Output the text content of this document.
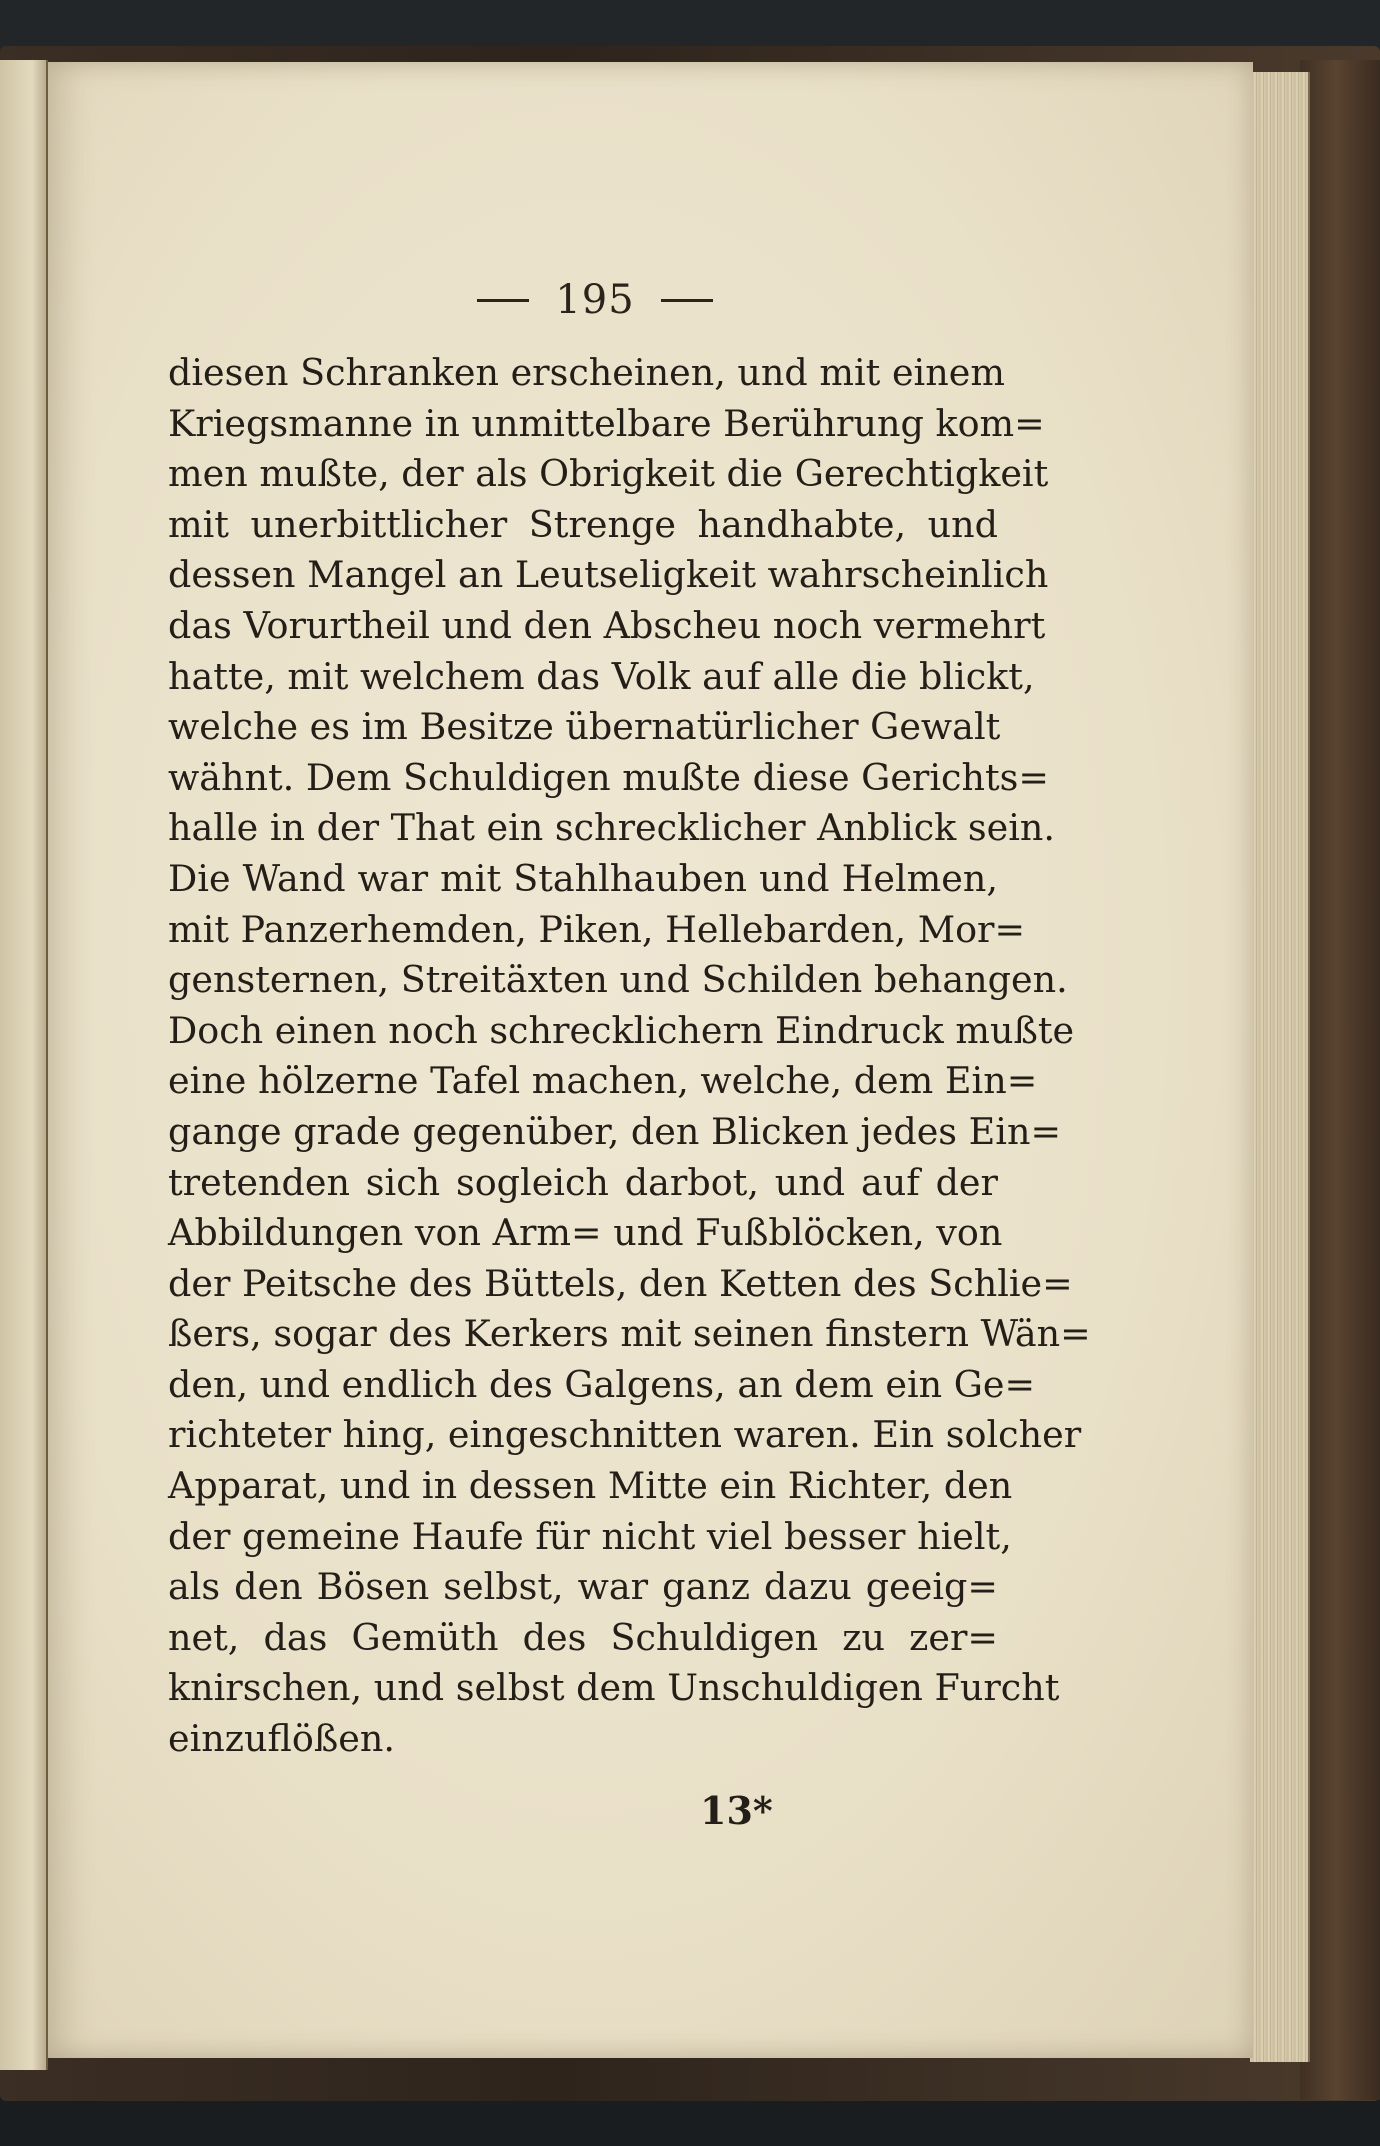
195
diesen Schranken erscheinen, und mit einem
Kriegsmanne in unmittelbare Berührung kom=
men mußte, der als Obrigkeit die Gerechtigkeit
mit unerbittlicher Strenge handhabte, und
dessen Mangel an Leutseligkeit wahrscheinlich
das Vorurtheil und den Abscheu noch vermehrt
hatte, mit welchem das Volk auf alle die blickt,
welche es im Besitze übernatürlicher Gewalt
wähnt. Dem Schuldigen mußte diese Gerichts=
halle in der That ein schrecklicher Anblick sein.
Die Wand war mit Stahlhauben und Helmen,
mit Panzerhemden, Piken, Hellebarden, Mor=
gensternen, Streitäxten und Schilden behangen.
Doch einen noch schrecklichern Eindruck mußte
eine hölzerne Tafel machen, welche, dem Ein=
gange grade gegenüber, den Blicken jedes Ein=
tretenden sich sogleich darbot, und auf der
Abbildungen von Arm= und Fußblöcken, von
der Peitsche des Büttels, den Ketten des Schlie=
ßers, sogar des Kerkers mit seinen finstern Wän=
den, und endlich des Galgens, an dem ein Ge=
richteter hing, eingeschnitten waren. Ein solcher
Apparat, und in dessen Mitte ein Richter, den
der gemeine Haufe für nicht viel besser hielt,
als den Bösen selbst, war ganz dazu geeig=
net, das Gemüth des Schuldigen zu zer=
knirschen, und selbst dem Unschuldigen Furcht
einzuflößen.
13*
